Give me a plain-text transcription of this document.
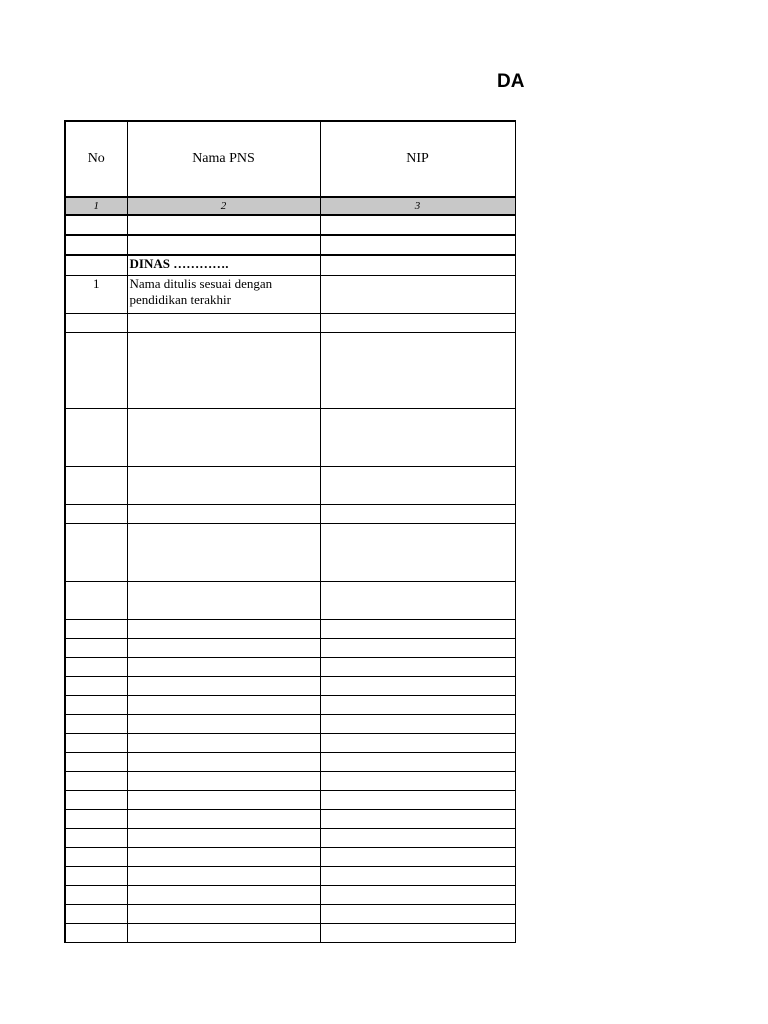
DA
No	Nama PNS	NIP
1	2	3

	DINAS ………….	
1	Nama ditulis sesuai dengan pendidikan terakhir	
